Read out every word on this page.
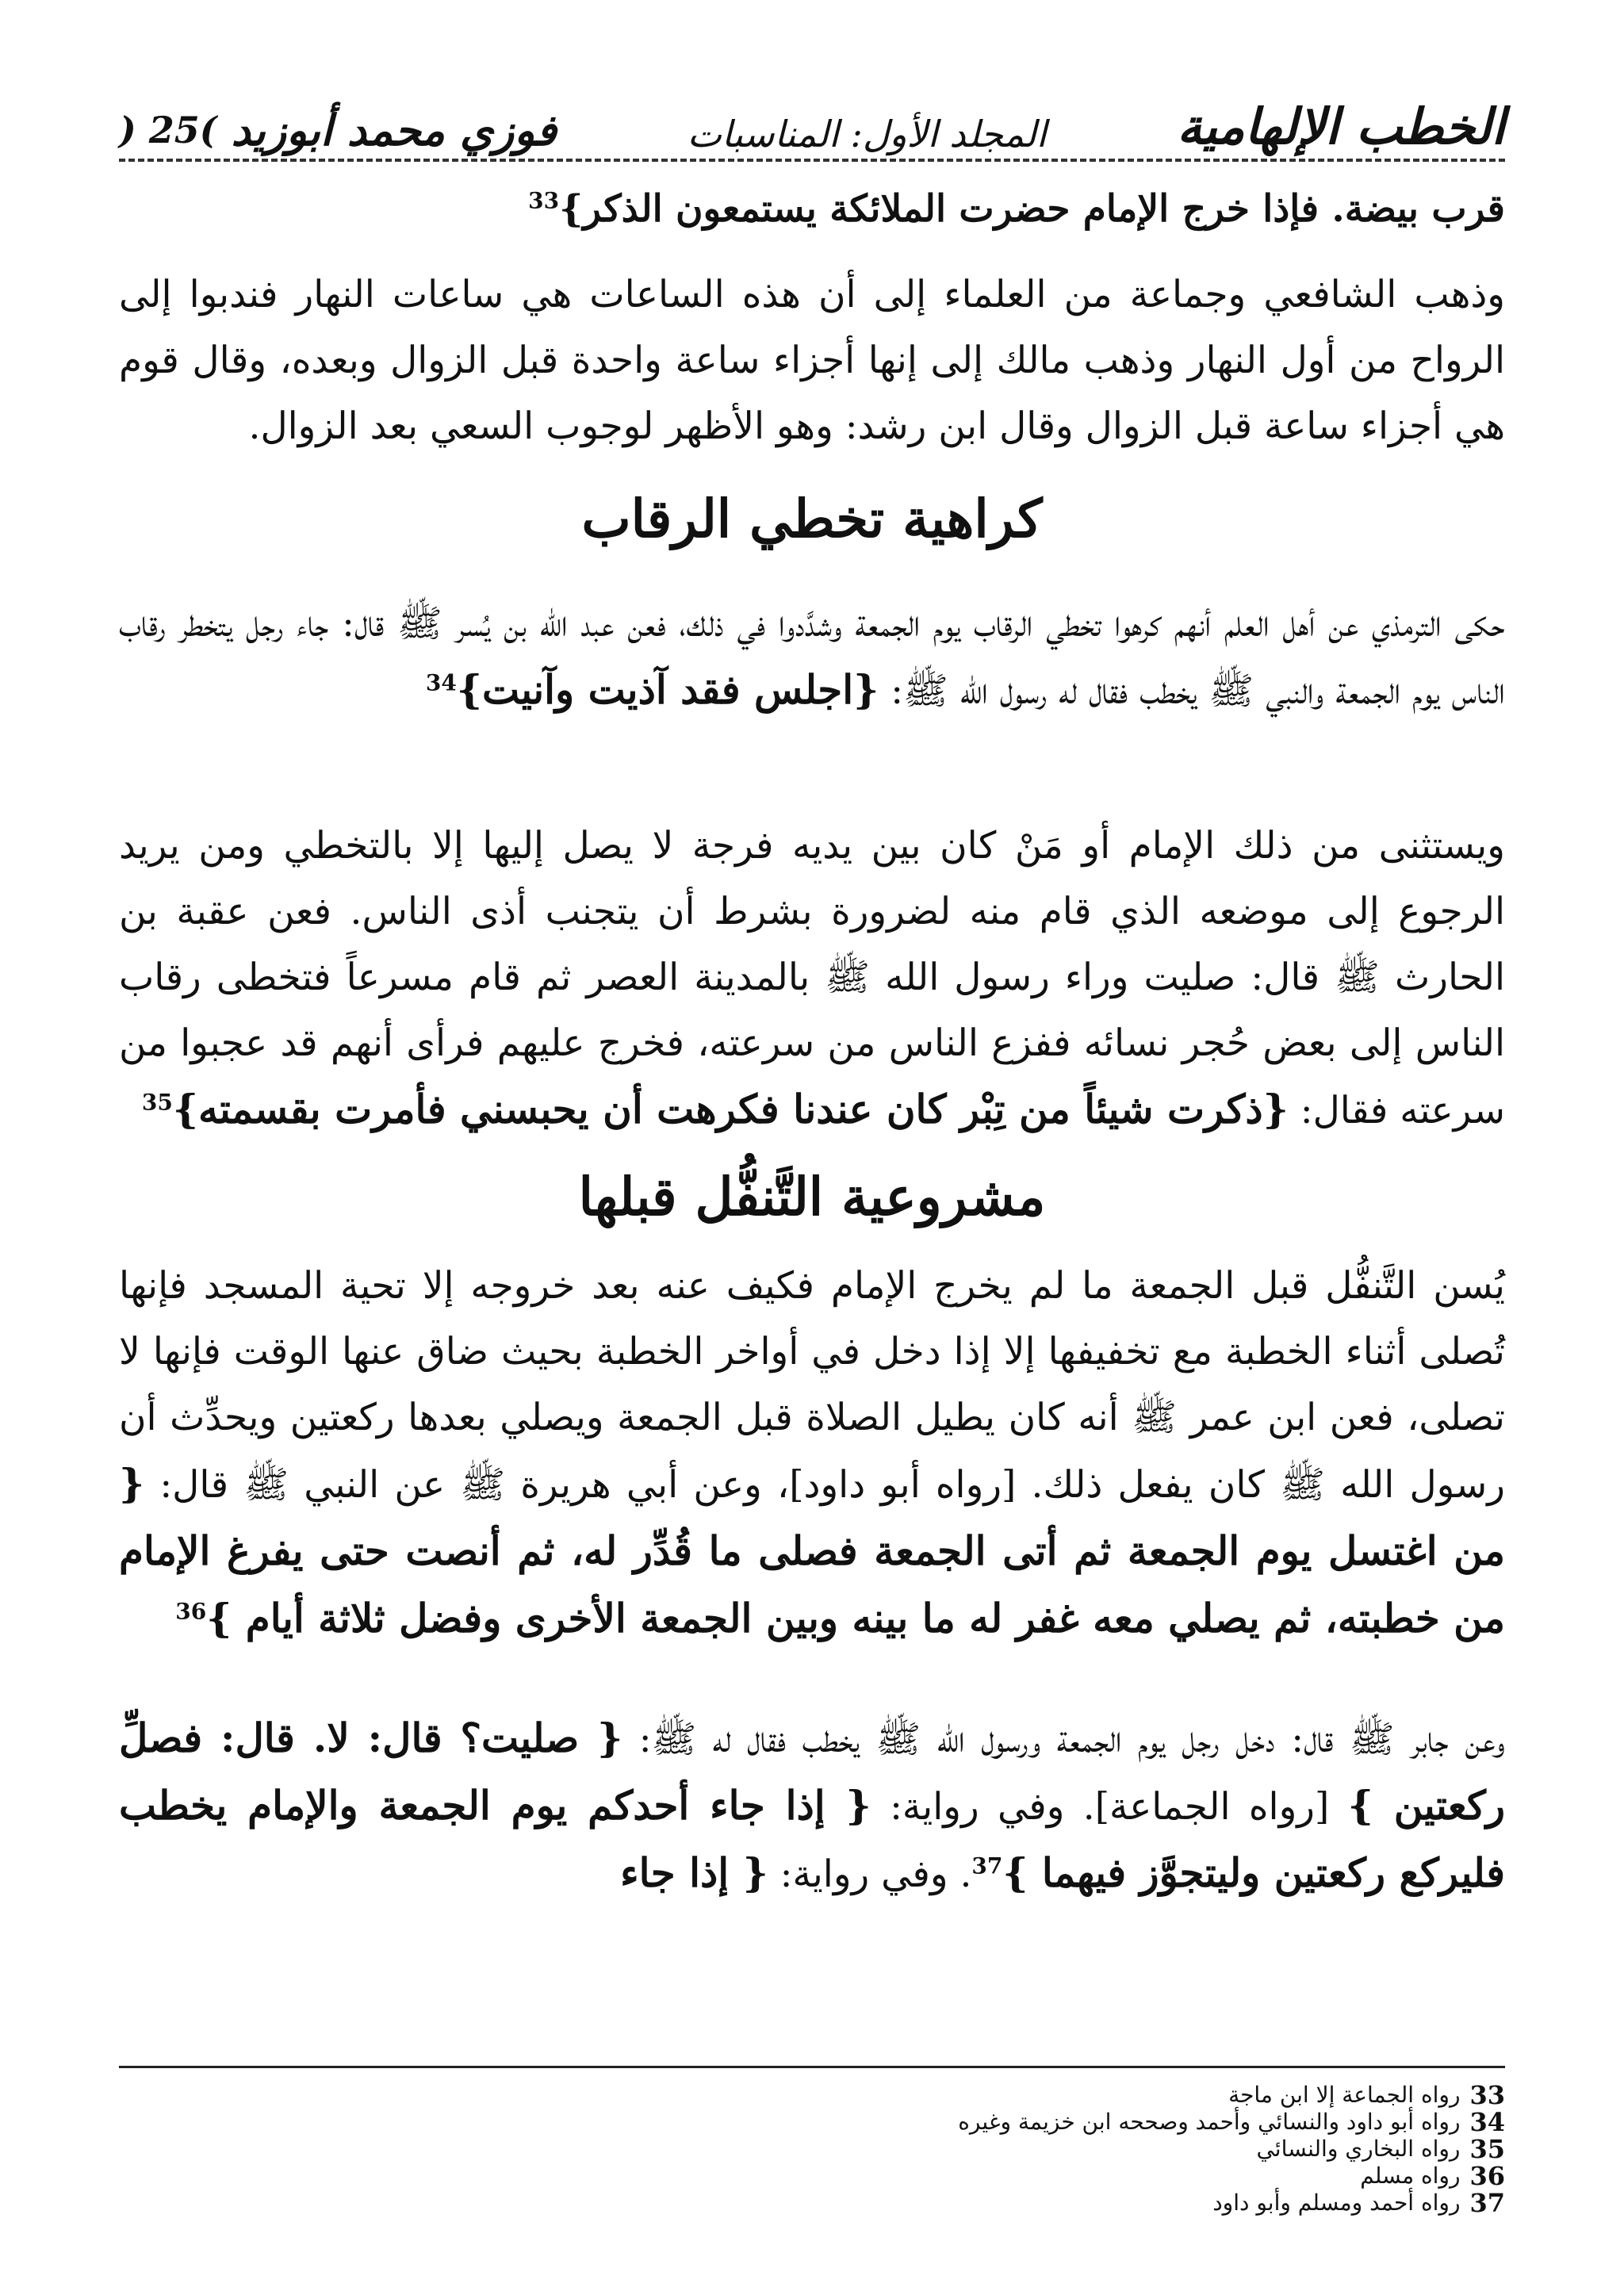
الخطب الإلهامية
المجلد الأول: المناسبات
فوزي محمد أبوزيد
) 25(

قرب بيضة. فإذا خرج الإمام حضرت الملائكة يستمعون الذكر}$^{33}$

وذهب الشافعي وجماعة من العلماء إلى أن هذه الساعات هي ساعات النهار فندبوا إلى الرواح من أول النهار وذهب مالك إلى إنها أجزاء ساعة واحدة قبل الزوال وبعده، وقال قوم هي أجزاء ساعة قبل الزوال وقال ابن رشد: وهو الأظهر لوجوب السعي بعد الزوال.

كراهية تخطي الرقاب

حكى الترمذي عن أهل العلم أنهم كرهوا تخطي الرقاب يوم الجمعة وشدَّدوا في ذلك، فعن عبد الله بن يُسر ﷺ قال: جاء رجل يتخطر رقاب الناس يوم الجمعة والنبي ﷺ يخطب فقال له رسول الله ﷺ: {اجلس فقد آذيت وآنيت}$^{34}$

ويستثنى من ذلك الإمام أو مَنْ كان بين يديه فرجة لا يصل إليها إلا بالتخطي ومن يريد الرجوع إلى موضعه الذي قام منه لضرورة بشرط أن يتجنب أذى الناس. فعن عقبة بن الحارث ﷺ قال: صليت وراء رسول الله ﷺ بالمدينة العصر ثم قام مسرعاً فتخطى رقاب الناس إلى بعض حُجر نسائه ففزع الناس من سرعته، فخرج عليهم فرأى أنهم قد عجبوا من سرعته فقال: {ذكرت شيئاً من تِبْر كان عندنا فكرهت أن يحبسني فأمرت بقسمته}$^{35}$

مشروعية التَّنفُّل قبلها

يُسن التَّنفُّل قبل الجمعة ما لم يخرج الإمام فكيف عنه بعد خروجه إلا تحية المسجد فإنها تُصلى أثناء الخطبة مع تخفيفها إلا إذا دخل في أواخر الخطبة بحيث ضاق عنها الوقت فإنها لا تصلى، فعن ابن عمر ﷺ أنه كان يطيل الصلاة قبل الجمعة ويصلي بعدها ركعتين ويحدِّث أن رسول الله ﷺ كان يفعل ذلك. [رواه أبو داود]، وعن أبي هريرة ﷺ عن النبي ﷺ قال: { من اغتسل يوم الجمعة ثم أتى الجمعة فصلى ما قُدِّر له، ثم أنصت حتى يفرغ الإمام من خطبته، ثم يصلي معه غفر له ما بينه وبين الجمعة الأخرى وفضل ثلاثة أيام }$^{36}$

وعن جابر ﷺ قال: دخل رجل يوم الجمعة ورسول الله ﷺ يخطب فقال له ﷺ: { صليت؟ قال: لا. قال: فصلِّ ركعتين } [رواه الجماعة]. وفي رواية: { إذا جاء أحدكم يوم الجمعة والإمام يخطب فليركع ركعتين وليتجوَّز فيهما }$^{37}$. وفي رواية: { إذا جاء

33
رواه الجماعة إلا ابن ماجة
34
رواه أبو داود والنسائي وأحمد وصححه ابن خزيمة وغيره
35
رواه البخاري والنسائي
36
رواه مسلم
37
رواه أحمد ومسلم وأبو داود
